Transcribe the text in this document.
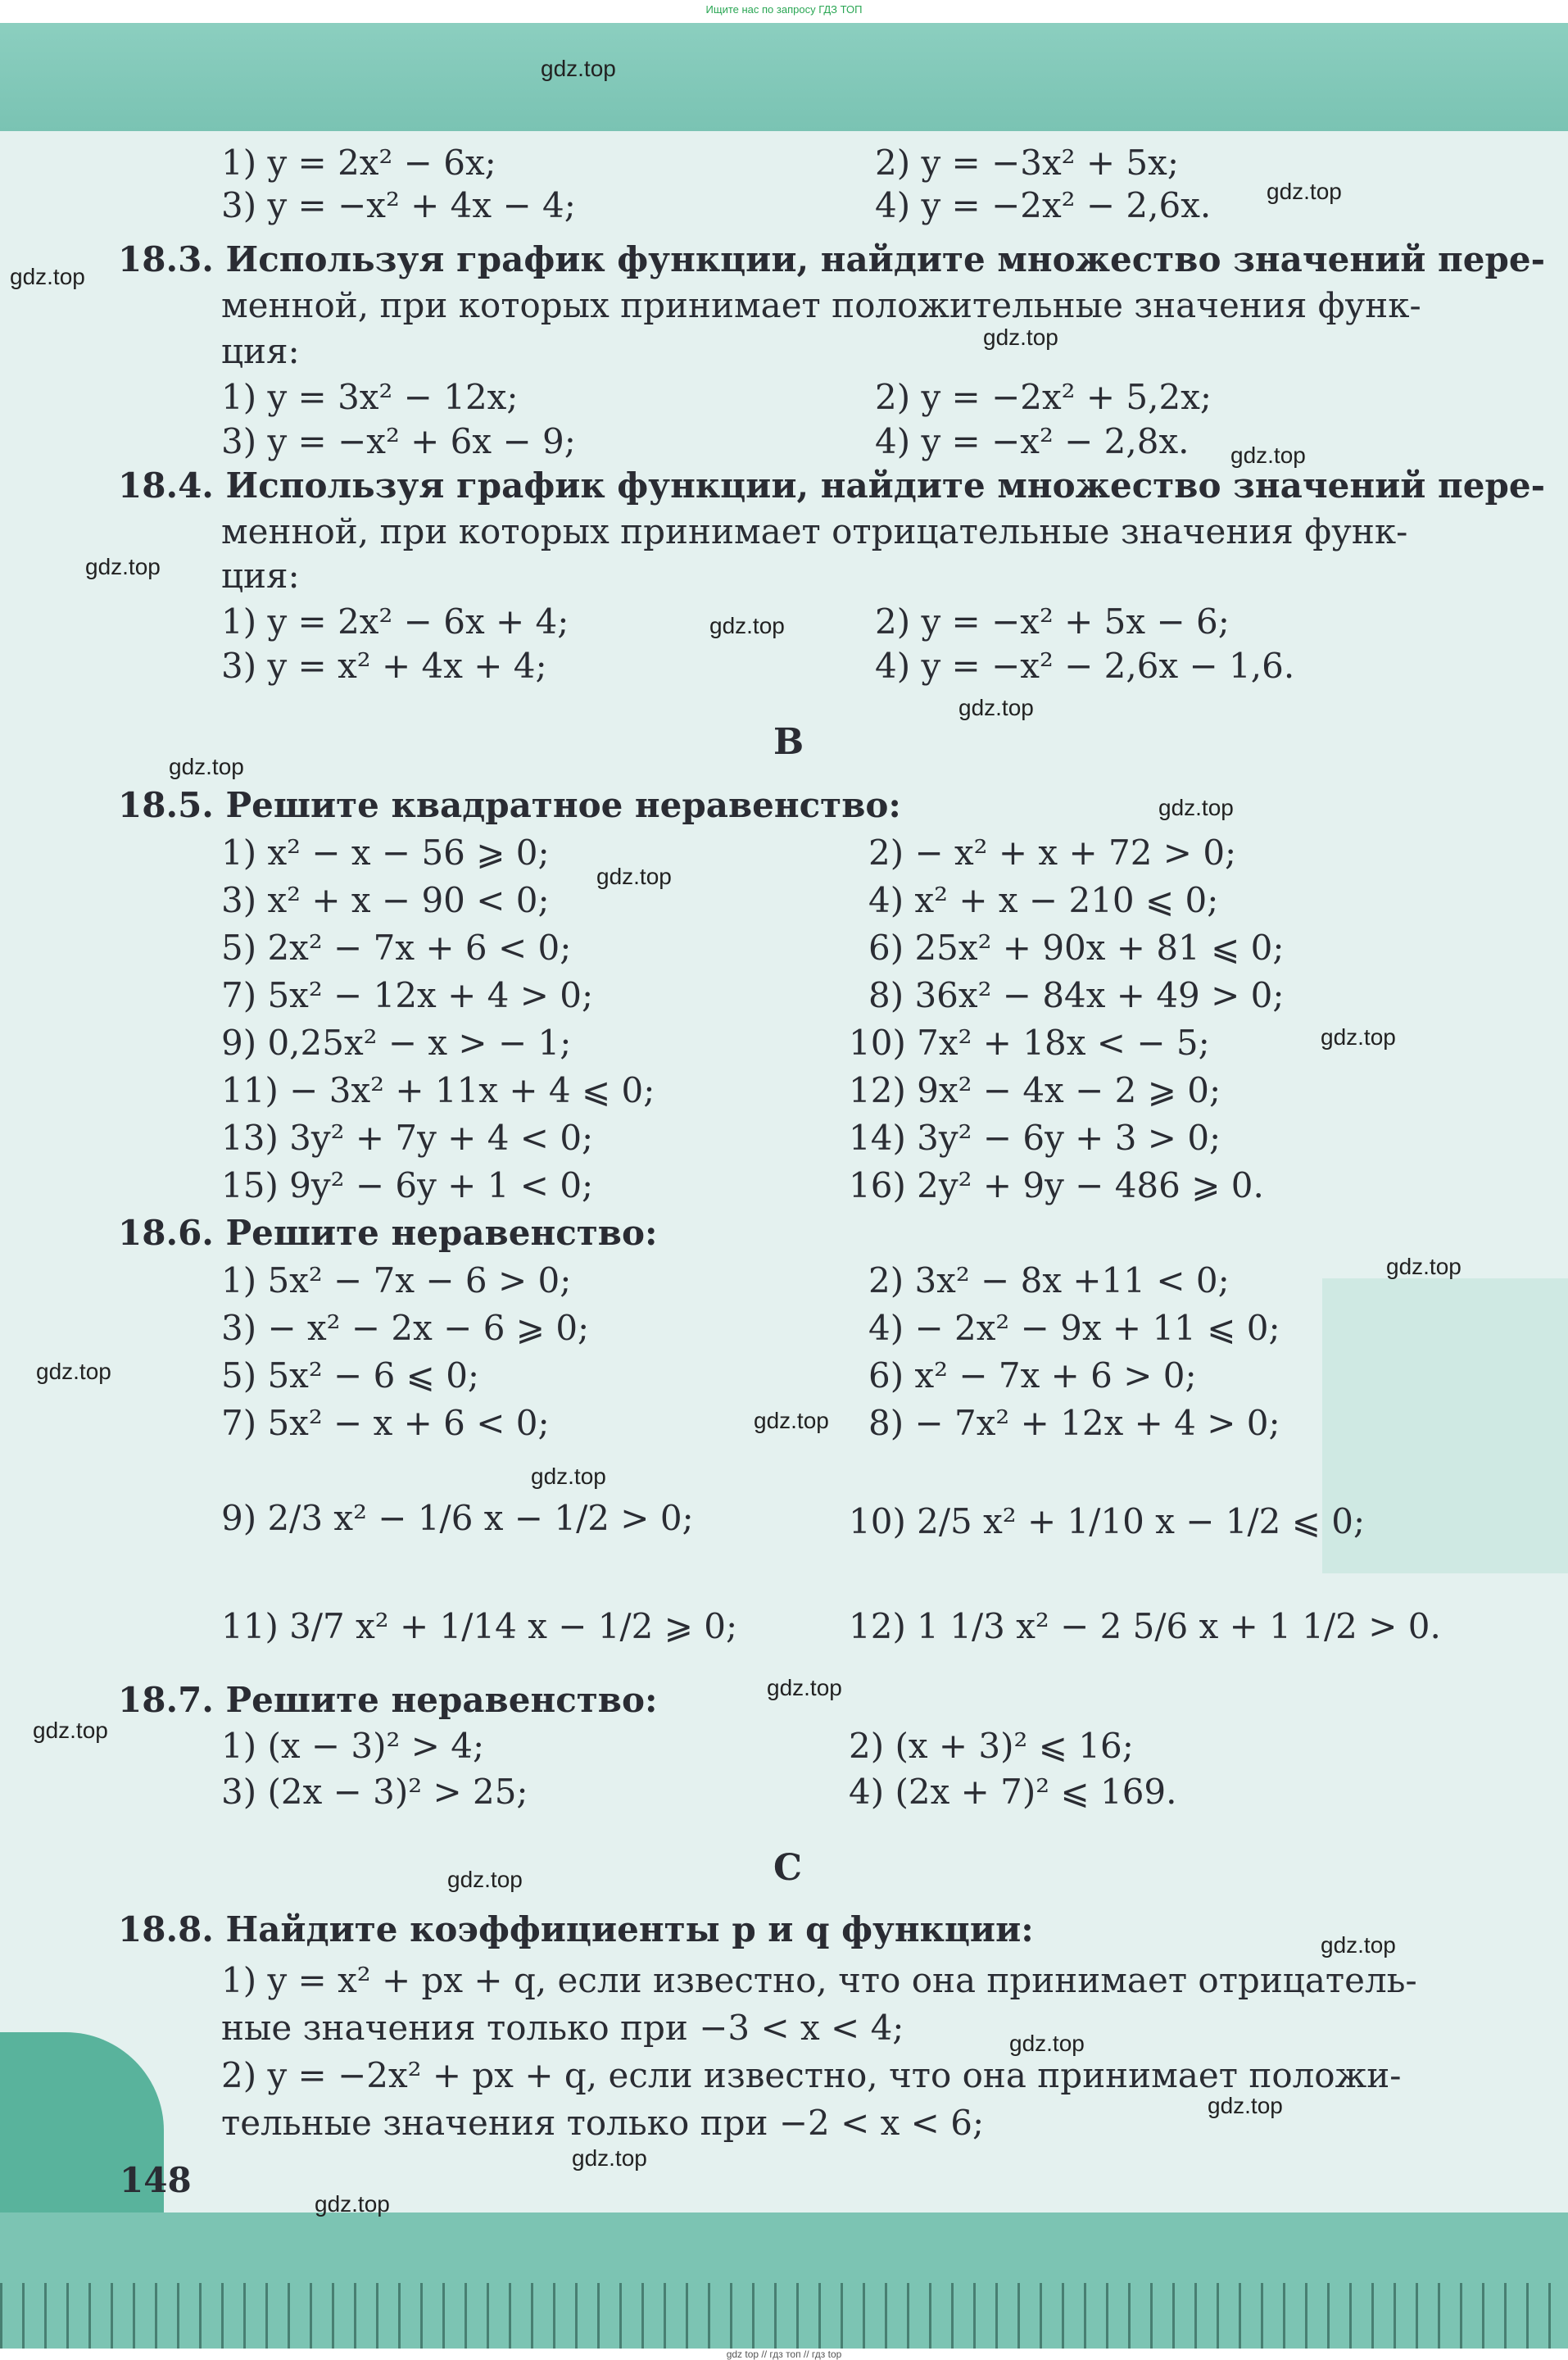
Ищите нас по запросу ГДЗ ТОП
gdz top // гдз топ // гдз top
1) y = 2x² − 6x;	2) y = −3x² + 5x;
3) y = −x² + 4x − 4;	4) y = −2x² − 2,6x.
18.3. Используя график функции, найдите множество значений пере-
менной, при которых принимает положительные значения функ-
ция:
1) y = 3x² − 12x;	2) y = −2x² + 5,2x;
3) y = −x² + 6x − 9;	4) y = −x² − 2,8x.
18.4. Используя график функции, найдите множество значений пере-
менной, при которых принимает отрицательные значения функ-
ция:
1) y = 2x² − 6x + 4;	2) y = −x² + 5x − 6;
3) y = x² + 4x + 4;	4) y = −x² − 2,6x − 1,6.
B
18.5. Решите квадратное неравенство:
1) x² − x − 56 ⩾ 0;	2) − x² + x + 72 > 0;
3) x² + x − 90 < 0;	4) x² + x − 210 ⩽ 0;
5) 2x² − 7x + 6 < 0;	6) 25x² + 90x + 81 ⩽ 0;
7) 5x² − 12x + 4 > 0;	8) 36x² − 84x + 49 > 0;
9) 0,25x² − x > − 1;	10) 7x² + 18x < − 5;
11) − 3x² + 11x + 4 ⩽ 0;	12) 9x² − 4x − 2 ⩾ 0;
13) 3y² + 7y + 4 < 0;	14) 3y² − 6y + 3 > 0;
15) 9y² − 6y + 1 < 0;	16) 2y² + 9y − 486 ⩾ 0.
18.6. Решите неравенство:
1) 5x² − 7x − 6 > 0;	2) 3x² − 8x +11 < 0;
3) − x² − 2x − 6 ⩾ 0;	4) − 2x² − 9x + 11 ⩽ 0;
5) 5x² − 6 ⩽ 0;	6) x² − 7x + 6 > 0;
7) 5x² − x + 6 < 0;	8) − 7x² + 12x + 4 > 0;
9) 2/3 x² − 1/6 x − 1/2 > 0;	10) 2/5 x² + 1/10 x − 1/2 ⩽ 0;
11) 3/7 x² + 1/14 x − 1/2 ⩾ 0;	12) 1 1/3 x² − 2 5/6 x + 1 1/2 > 0.
18.7. Решите неравенство:
1) (x − 3)² > 4;	2) (x + 3)² ⩽ 16;
3) (2x − 3)² > 25;	4) (2x + 7)² ⩽ 169.
C
18.8. Найдите коэффициенты p и q функции:
1) y = x² + px + q, если известно, что она принимает отрицатель-
ные значения только при −3 < x < 4;
2) y = −2x² + px + q, если известно, что она принимает положи-
тельные значения только при −2 < x < 6;
148
gdz.top
gdz.top
gdz.top
gdz.top
gdz.top
gdz.top
gdz.top
gdz.top
gdz.top
gdz.top
gdz.top
gdz.top
gdz.top
gdz.top
gdz.top
gdz.top
gdz.top
gdz.top
gdz.top
gdz.top
gdz.top
gdz.top
gdz.top
gdz.top
